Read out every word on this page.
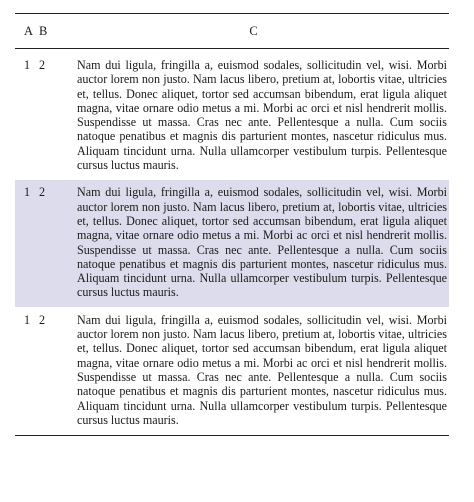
A B	C
1 2	Nam dui ligula, fringilla a, euismod sodales, sollicitudin vel, wisi. Morbi auctor lorem non justo. Nam lacus libero, pretium at, lobortis vitae, ultricies et, tellus. Donec aliquet, tortor sed accumsan bibendum, erat ligula aliquet magna, vitae ornare odio metus a mi. Morbi ac orci et nisl hendrerit mollis. Suspendisse ut massa. Cras nec ante. Pellentesque a nulla. Cum sociis natoque penatibus et magnis dis parturient montes, nascetur ridiculus mus. Aliquam tincidunt urna. Nulla ullamcorper vestibulum turpis. Pellentesque cursus luctus mauris.
1 2	Nam dui ligula, fringilla a, euismod sodales, sollicitudin vel, wisi. Morbi auctor lorem non justo. Nam lacus libero, pretium at, lobortis vitae, ultricies et, tellus. Donec aliquet, tortor sed accumsan bibendum, erat ligula aliquet magna, vitae ornare odio metus a mi. Morbi ac orci et nisl hendrerit mollis. Suspendisse ut massa. Cras nec ante. Pellentesque a nulla. Cum sociis natoque penatibus et magnis dis parturient montes, nascetur ridiculus mus. Aliquam tincidunt urna. Nulla ullamcorper vestibulum turpis. Pellentesque cursus luctus mauris.
1 2	Nam dui ligula, fringilla a, euismod sodales, sollicitudin vel, wisi. Morbi auctor lorem non justo. Nam lacus libero, pretium at, lobortis vitae, ultricies et, tellus. Donec aliquet, tortor sed accumsan bibendum, erat ligula aliquet magna, vitae ornare odio metus a mi. Morbi ac orci et nisl hendrerit mollis. Suspendisse ut massa. Cras nec ante. Pellentesque a nulla. Cum sociis natoque penatibus et magnis dis parturient montes, nascetur ridiculus mus. Aliquam tincidunt urna. Nulla ullamcorper vestibulum turpis. Pellentesque cursus luctus mauris.
